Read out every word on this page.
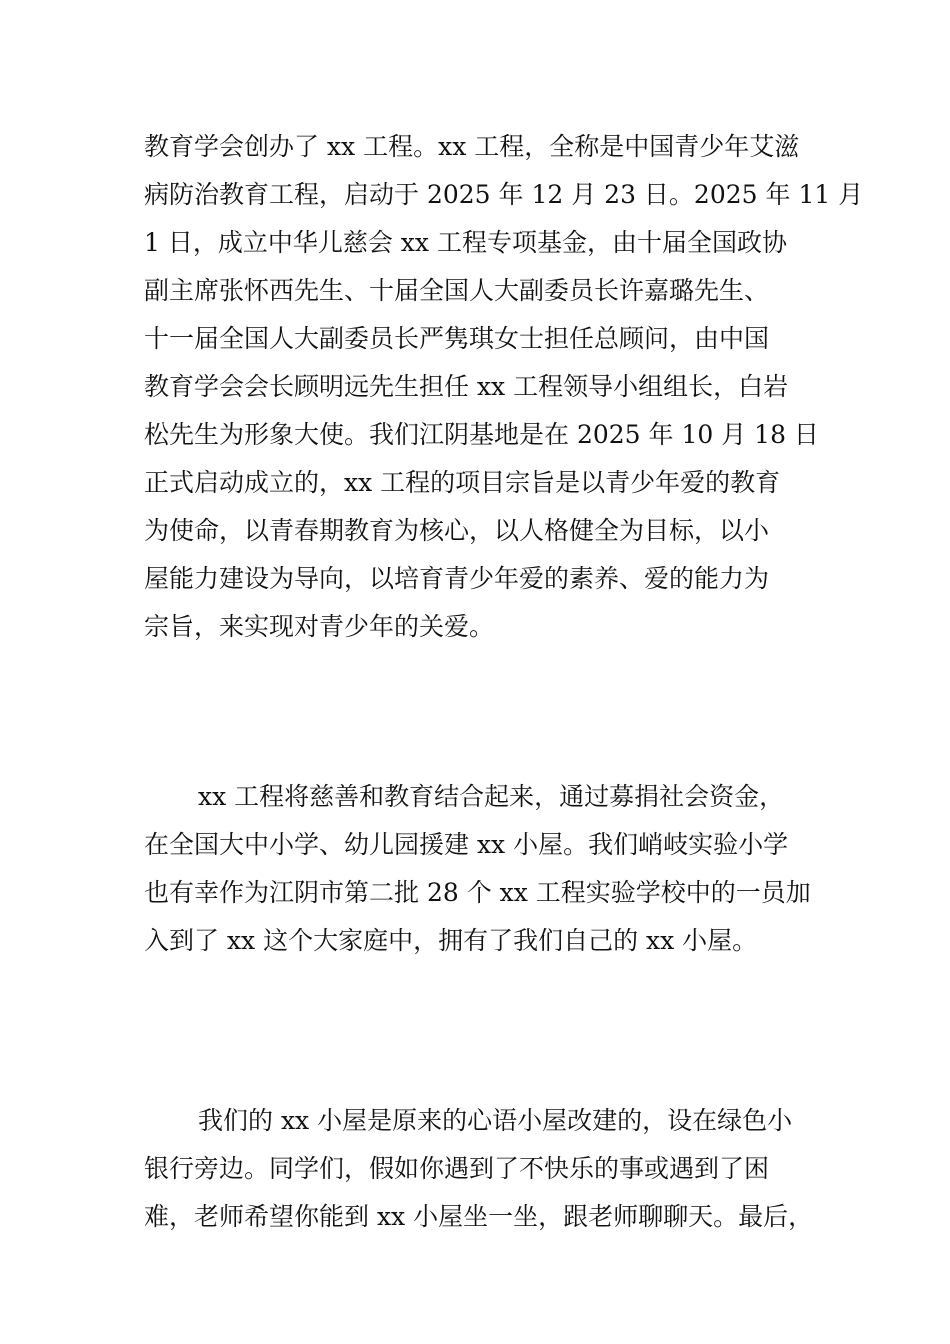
教育学会创办了 xx 工程。xx 工程，全称是中国青少年艾滋
病防治教育工程，启动于 2025 年 12 月 23 日。2025 年 11 月
1 日，成立中华儿慈会 xx 工程专项基金，由十届全国政协
副主席张怀西先生、十届全国人大副委员长许嘉璐先生、
十一届全国人大副委员长严隽琪女士担任总顾问，由中国
教育学会会长顾明远先生担任 xx 工程领导小组组长，白岩
松先生为形象大使。我们江阴基地是在 2025 年 10 月 18 日
正式启动成立的，xx 工程的项目宗旨是以青少年爱的教育
为使命，以青春期教育为核心，以人格健全为目标，以小
屋能力建设为导向，以培育青少年爱的素养、爱的能力为
宗旨，来实现对青少年的关爱。
xx 工程将慈善和教育结合起来，通过募捐社会资金，
在全国大中小学、幼儿园援建 xx 小屋。我们峭岐实验小学
也有幸作为江阴市第二批 28 个 xx 工程实验学校中的一员加
入到了 xx 这个大家庭中，拥有了我们自己的 xx 小屋。
我们的 xx 小屋是原来的心语小屋改建的，设在绿色小
银行旁边。同学们，假如你遇到了不快乐的事或遇到了困
难，老师希望你能到 xx 小屋坐一坐，跟老师聊聊天。最后，
